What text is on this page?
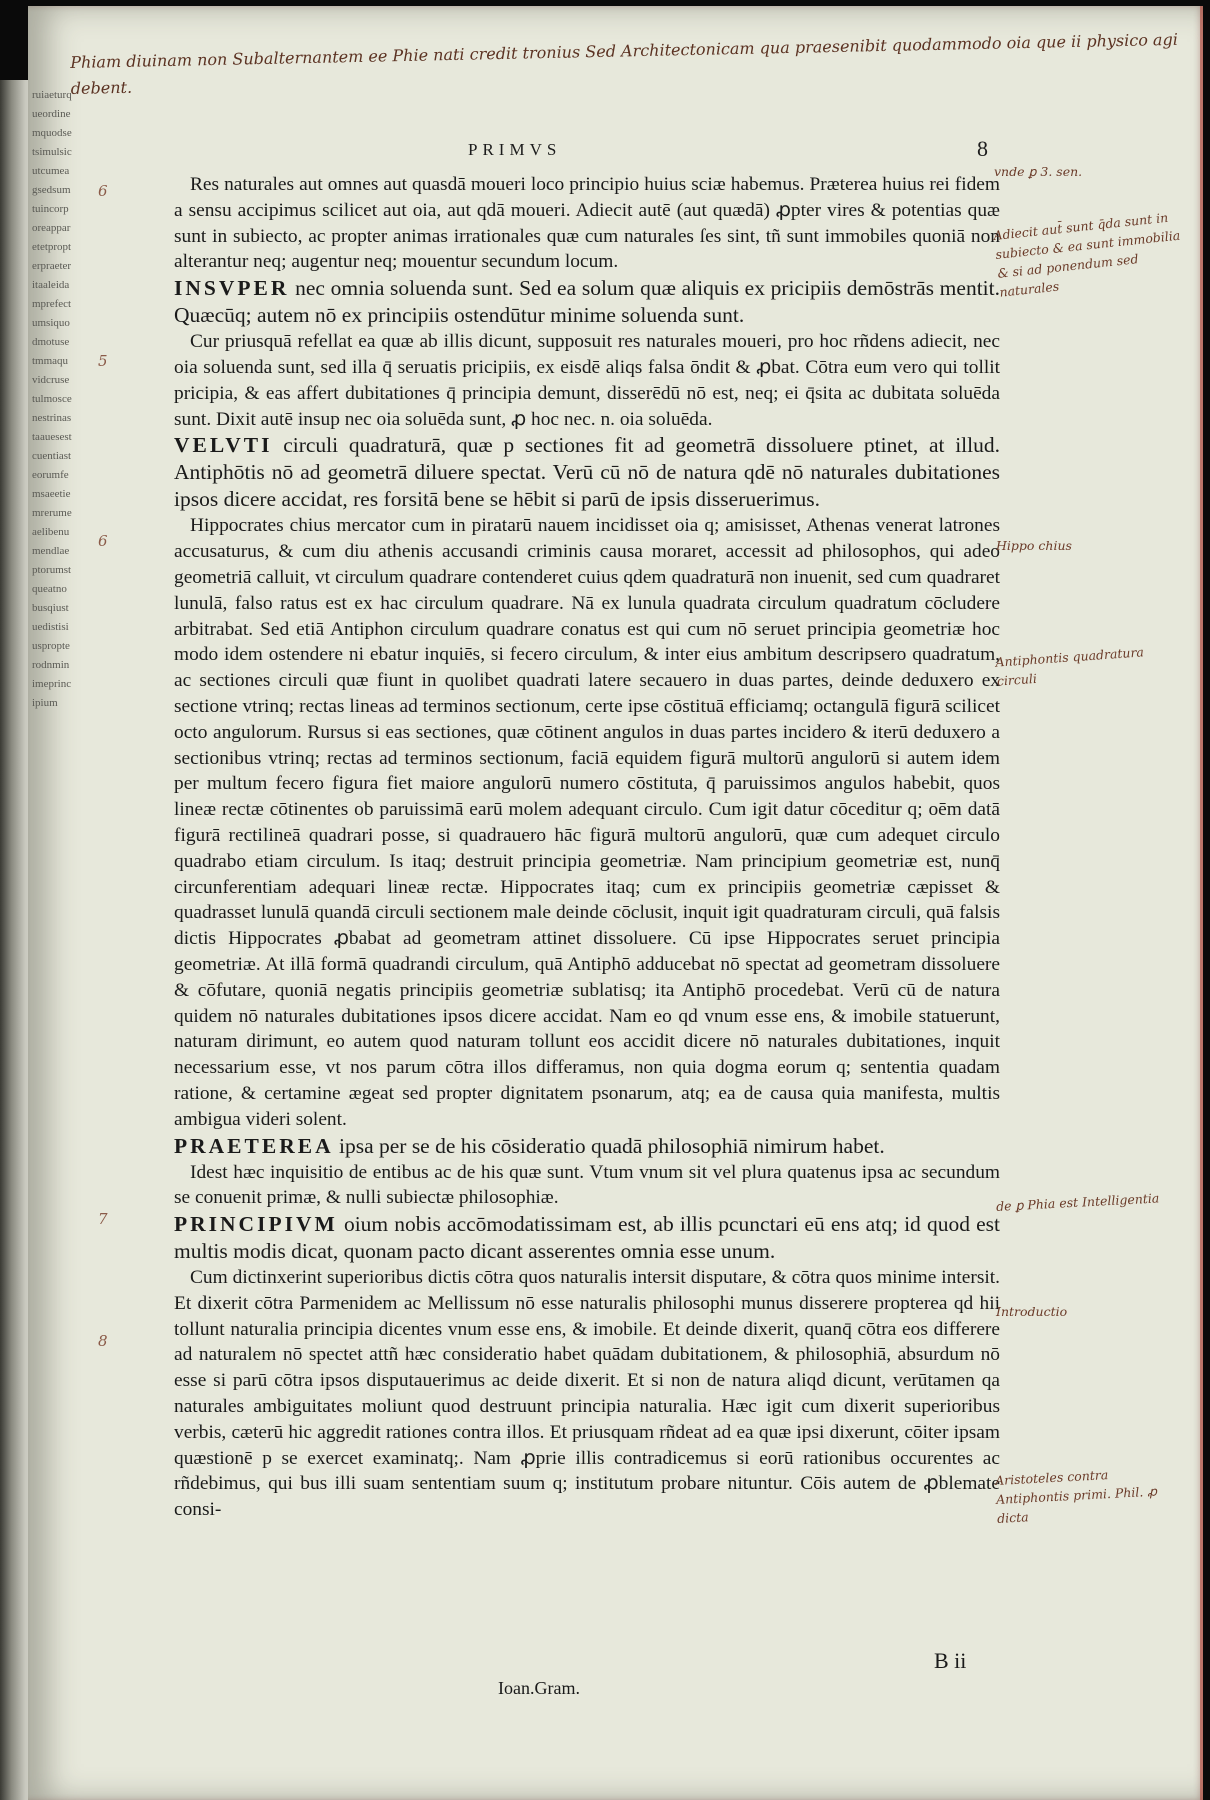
ruiaeturqueordinemquodsetsimulsicutcumeagsedsumtuincorporeapparetetpropterpraeteritaaleidamprefectumsiquodmotusetmmaquvidcrusetulmoscenestrinastaauesestcuentiasteorumfemsaeetiemrerumeaelibenumendlaeptorumstqueatnobusqiustuedistisiuspropterodnminimeprincipium
Phiam diuinam non Subalternantem ee Phie nati credit tronius Sed Architectonicam qua praesenibit quodammodo oia que ii physico agi debent.
PRIMVS	8

Res naturales aut omnes aut quasdā moueri loco principio huius sciæ habemus. Præterea huius rei fidem a sensu accipimus scilicet aut oia, aut qdā moueri. Adiecit autē (aut quædā) ꝓpter vires & potentias quæ sunt in subiecto, ac propter animas irrationales quæ cum naturales ſes sint, tñ sunt immobiles quoniā non alterantur neq; augentur neq; mouentur secundum locum.

INSVPER nec omnia soluenda sunt. Sed ea solum quæ aliquis ex pricipiis demōstrās mentit. Quæcūq; autem nō ex principiis ostendūtur minime soluenda sunt.

Cur priusquā refellat ea quæ ab illis dicunt, supposuit res naturales moueri, pro hoc rñdens adiecit, nec oia soluenda sunt, sed illa q̄ seruatis pricipiis, ex eisdē aliqs falsa ōndit & ꝓbat. Cōtra eum vero qui tollit pricipia, & eas affert dubitationes q̄ principia demunt, disserēdū nō est, neq; ei q̄sita ac dubitata soluēda sunt. Dixit autē insup nec oia soluēda sunt, ꝓ hoc nec. n. oia soluēda.

VELVTI circuli quadraturā, quæ p sectiones fit ad geometrā dissoluere ptinet, at illud. Antiphōtis nō ad geometrā diluere spectat. Verū cū nō de natura qdē nō naturales dubitationes ipsos dicere accidat, res forsitā bene se hēbit si parū de ipsis disseruerimus.

Hippocrates chius mercator cum in piratarū nauem incidisset oia q; amisisset, Athenas venerat latrones accusaturus, & cum diu athenis accusandi criminis causa moraret, accessit ad philosophos, qui adeo geometriā calluit, vt circulum quadrare contenderet cuius qdem quadraturā non inuenit, sed cum quadraret lunulā, falso ratus est ex hac circulum quadrare. Nā ex lunula quadrata circulum quadratum cōcludere arbitrabat. Sed etiā Antiphon circulum quadrare conatus est qui cum nō seruet principia geometriæ hoc modo idem ostendere ni ebatur inquiēs, si fecero circulum, & inter eius ambitum descripsero quadratum, ac sectiones circuli quæ fiunt in quolibet quadrati latere secauero in duas partes, deinde deduxero ex sectione vtrinq; rectas lineas ad terminos sectionum, certe ipse cōstituā efficiamq; octangulā figurā scilicet octo angulorum. Rursus si eas sectiones, quæ cōtinent angulos in duas partes incidero & iterū deduxero a sectionibus vtrinq; rectas ad terminos sectionum, faciā equidem figurā multorū angulorū si autem idem per multum fecero figura fiet maiore angulorū numero cōstituta, q̄ paruissimos angulos habebit, quos lineæ rectæ cōtinentes ob paruissimā earū molem adequant circulo. Cum igit datur cōceditur q; oēm datā figurā rectilineā quadrari posse, si quadrauero hāc figurā multorū angulorū, quæ cum adequet circulo quadrabo etiam circulum. Is itaq; destruit principia geometriæ. Nam principium geometriæ est, nunq̄ circunferentiam adequari lineæ rectæ. Hippocrates itaq; cum ex principiis geometriæ cæpisset & quadrasset lunulā quandā circuli sectionem male deinde cōclusit, inquit igit quadraturam circuli, quā falsis dictis Hippocrates ꝓbabat ad geometram attinet dissoluere. Cū ipse Hippocrates seruet principia geometriæ. At illā formā quadrandi circulum, quā Antiphō adducebat nō spectat ad geometram dissoluere & cōfutare, quoniā negatis principiis geometriæ sublatisq; ita Antiphō procedebat. Verū cū de natura quidem nō naturales dubitationes ipsos dicere accidat. Nam eo qd vnum esse ens, & imobile statuerunt, naturam dirimunt, eo autem quod naturam tollunt eos accidit dicere nō naturales dubitationes, inquit necessarium esse, vt nos parum cōtra illos differamus, non quia dogma eorum q; sententia quadam ratione, & certamine ægeat sed propter dignitatem psonarum, atq; ea de causa quia manifesta, multis ambigua videri solent.

PRAETEREA ipsa per se de his cōsideratio quadā philosophiā nimirum habet.

Idest hæc inquisitio de entibus ac de his quæ sunt. Vtum vnum sit vel plura quatenus ipsa ac secundum se conuenit primæ, & nulli subiectæ philosophiæ.

PRINCIPIVM oium nobis accōmodatissimam est, ab illis pcunctari eū ens atq; id quod est multis modis dicat, quonam pacto dicant asserentes omnia esse unum.

Cum dictinxerint superioribus dictis cōtra quos naturalis intersit disputare, & cōtra quos minime intersit. Et dixerit cōtra Parmenidem ac Mellissum nō esse naturalis philosophi munus disserere propterea qd hii tollunt naturalia principia dicentes vnum esse ens, & imobile. Et deinde dixerit, quanq̄ cōtra eos differere ad naturalem nō spectet attñ hæc consideratio habet quādam dubitationem, & philosophiā, absurdum nō esse si parū cōtra ipsos disputauerimus ac deide dixerit. Et si non de natura aliqd dicunt, verūtamen qa naturales ambiguitates moliunt quod destruunt principia naturalia. Hæc igit cum dixerit superioribus verbis, cæterū hic aggredit rationes contra illos. Et priusquam rñdeat ad ea quæ ipsi dixerunt, cōiter ipsam quæstionē p se exercet examinatq;. Nam ꝓprie illis contradicemus si eorū rationibus occurentes ac rñdebimus, qui bus illi suam sententiam suum q; institutum probare nituntur. Cōis autem de ꝓblemate consi-

6
5
6
7
8
vnde ꝑ 3. sen.
Adiecit aut̄ sunt q̄da sunt in subiecto & ea sunt immobilia & si ad ponendum sed naturales
Hippo chius
Antiphontis quadratura circuli
de ꝑ Phia est Intelligentia
Introductio
Aristoteles contra Antiphontis primi. Phil. ꝓ dicta
B ii
Ioan.Gram.
